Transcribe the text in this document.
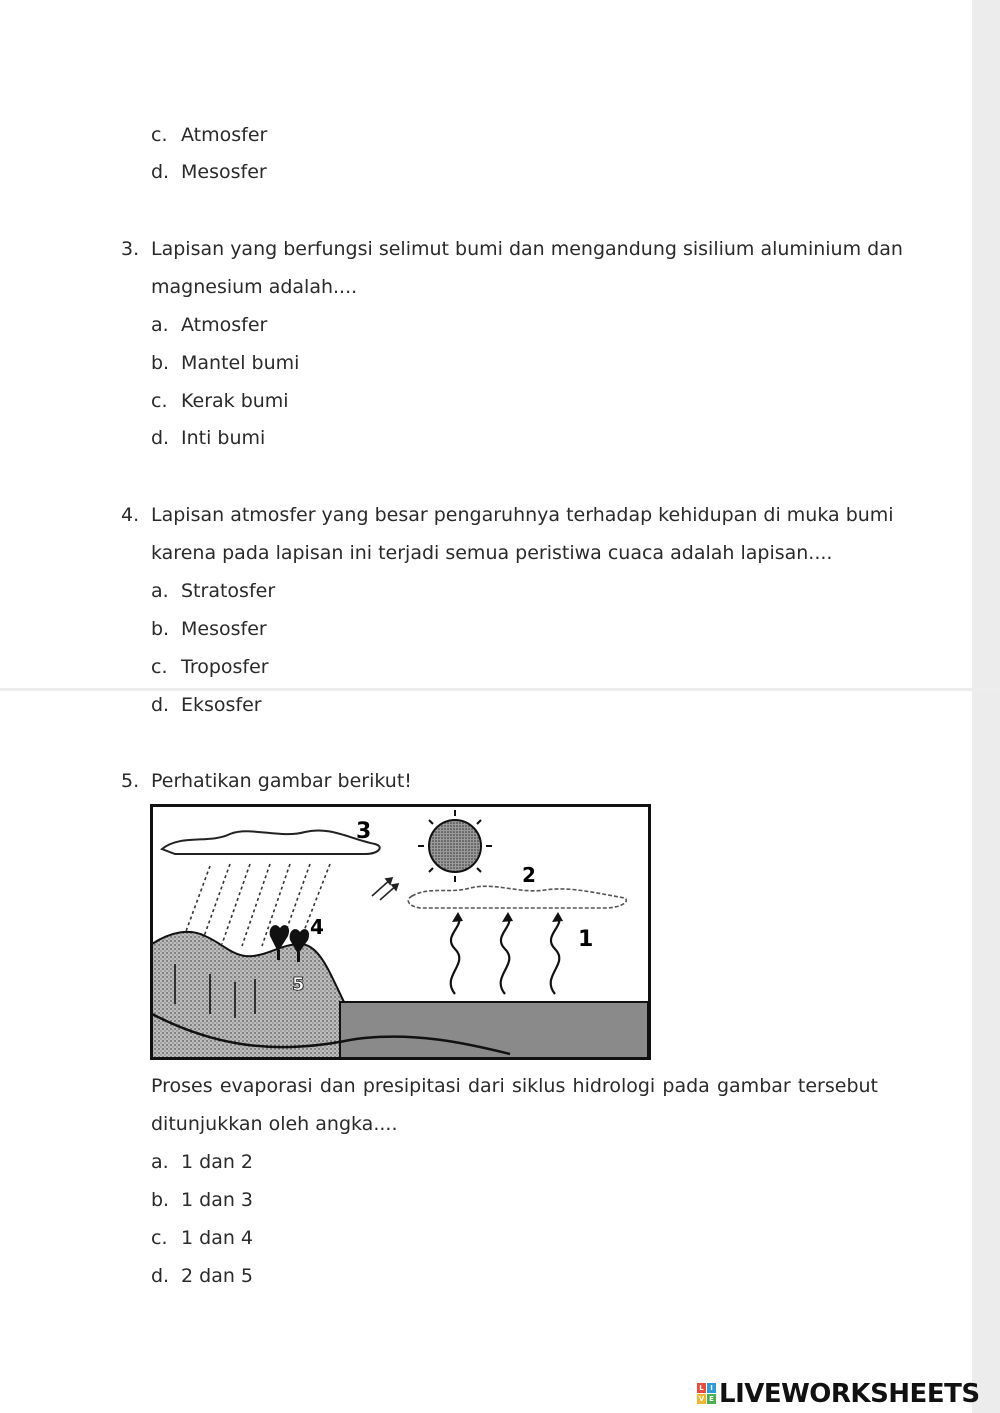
c. Atmosfer
d. Mesosfer
3. Lapisan yang berfungsi selimut bumi dan mengandung sisilium aluminium dan
magnesium adalah....
a. Atmosfer
b. Mantel bumi
c. Kerak bumi
d. Inti bumi
4. Lapisan atmosfer yang besar pengaruhnya terhadap kehidupan di muka bumi
karena pada lapisan ini terjadi semua peristiwa cuaca adalah lapisan....
a. Stratosfer
b. Mesosfer
c. Troposfer
d. Eksosfer
5. Perhatikan gambar berikut!
3
2
1
4
5
Proses evaporasi dan presipitasi dari siklus hidrologi pada gambar tersebut
ditunjukkan oleh angka....
a. 1 dan 2
b. 1 dan 3
c. 1 dan 4
d. 2 dan 5
L I
V E LIVEWORKSHEETS
